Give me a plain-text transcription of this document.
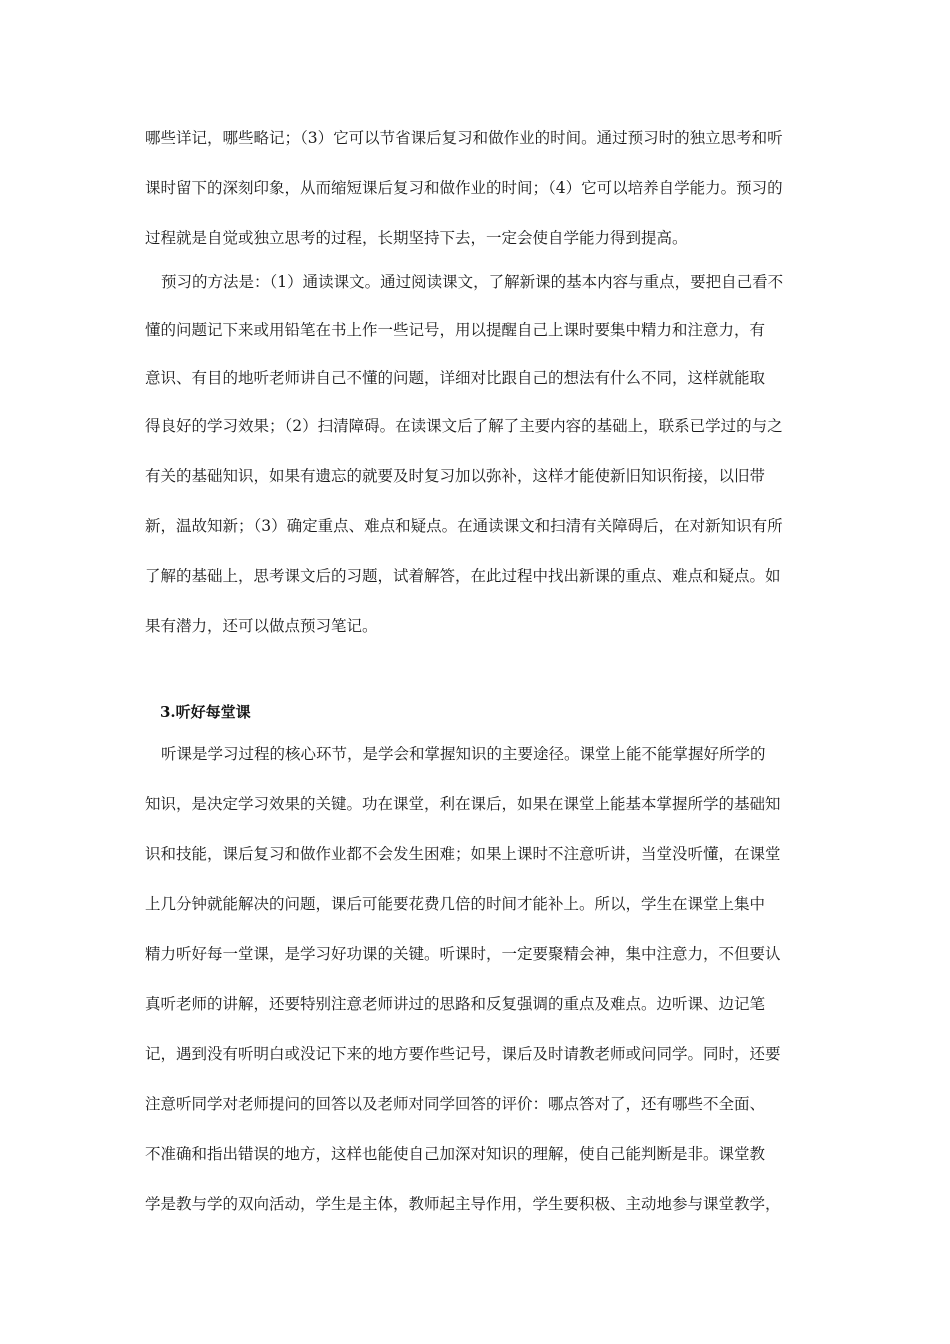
哪些详记，哪些略记；（3）它可以节省课后复习和做作业的时间。通过预习时的独立思考和听
课时留下的深刻印象，从而缩短课后复习和做作业的时间；（4）它可以培养自学能力。预习的
过程就是自觉或独立思考的过程，长期坚持下去，一定会使自学能力得到提高。
预习的方法是：（1）通读课文。通过阅读课文，了解新课的基本内容与重点，要把自己看不
懂的问题记下来或用铅笔在书上作一些记号，用以提醒自己上课时要集中精力和注意力，有
意识、有目的地听老师讲自己不懂的问题，详细对比跟自己的想法有什么不同，这样就能取
得良好的学习效果；（2）扫清障碍。在读课文后了解了主要内容的基础上，联系已学过的与之
有关的基础知识，如果有遗忘的就要及时复习加以弥补，这样才能使新旧知识衔接，以旧带
新，温故知新；（3）确定重点、难点和疑点。在通读课文和扫清有关障碍后，在对新知识有所
了解的基础上，思考课文后的习题，试着解答，在此过程中找出新课的重点、难点和疑点。如
果有潜力，还可以做点预习笔记。
3.听好每堂课
听课是学习过程的核心环节，是学会和掌握知识的主要途径。课堂上能不能掌握好所学的
知识，是决定学习效果的关键。功在课堂，利在课后，如果在课堂上能基本掌握所学的基础知
识和技能，课后复习和做作业都不会发生困难；如果上课时不注意听讲，当堂没听懂，在课堂
上几分钟就能解决的问题，课后可能要花费几倍的时间才能补上。所以，学生在课堂上集中
精力听好每一堂课，是学习好功课的关键。听课时，一定要聚精会神，集中注意力，不但要认
真听老师的讲解，还要特别注意老师讲过的思路和反复强调的重点及难点。边听课、边记笔
记，遇到没有听明白或没记下来的地方要作些记号，课后及时请教老师或问同学。同时，还要
注意听同学对老师提问的回答以及老师对同学回答的评价：哪点答对了，还有哪些不全面、
不准确和指出错误的地方，这样也能使自己加深对知识的理解，使自己能判断是非。课堂教
学是教与学的双向活动，学生是主体，教师起主导作用，学生要积极、主动地参与课堂教学，
